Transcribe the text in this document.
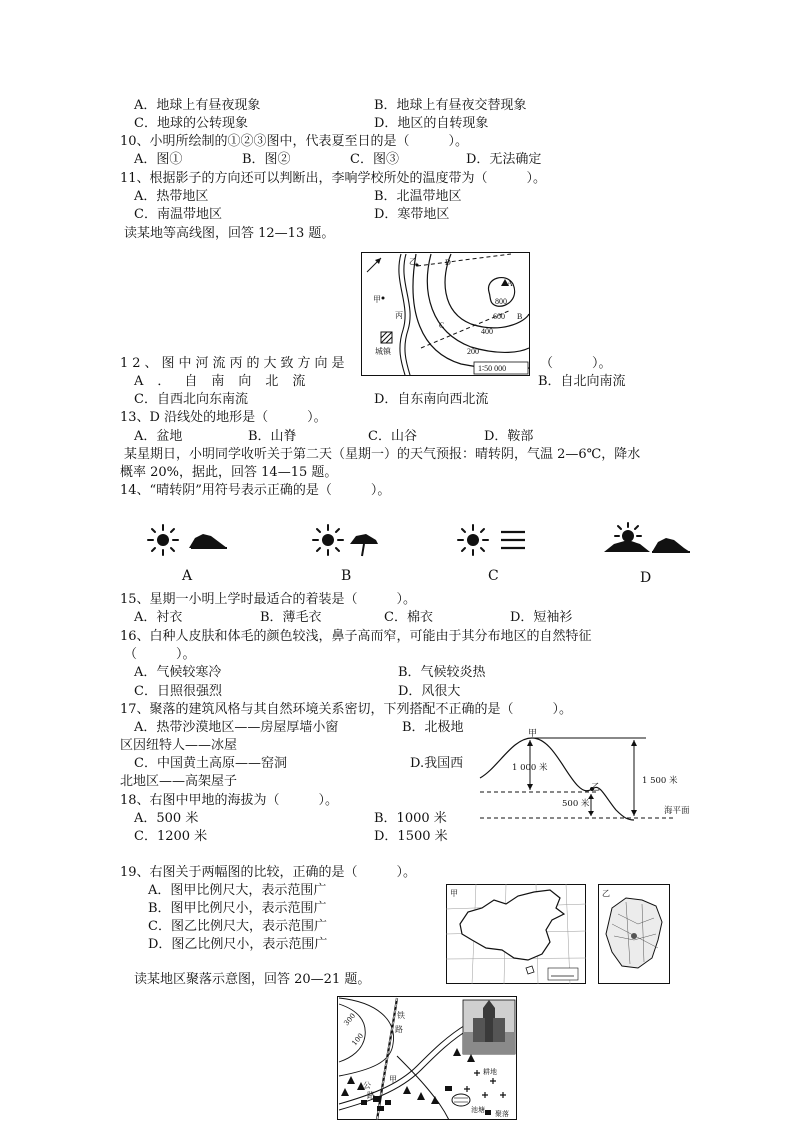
A．地球上有昼夜现象	B．地球上有昼夜交替现象
C．地球的公转现象	D．地区的自转现象
10、小明所绘制的①②③图中，代表夏至日的是（　　　）。
A．图①	B．图②	C．图③	D．无法确定
11、根据影子的方向还可以判断出，李响学校所处的温度带为（　　　）。
A．热带地区	B．北温带地区
C．南温带地区	D．寒带地区
读某地等高线图，回答 12—13 题。
乙	D
A
800
600 B
400
C
200
甲
丙
城镇
1∶50 000
12、图中河流丙的大致方向是	（　　　）。
A．自南向北流	B．自北向南流
C．自西北向东南流	D．自东南向西北流
13、D 沿线处的地形是（　　　）。
A．盆地	B．山脊	C．山谷	D．鞍部
某星期日，小明同学收听关于第二天（星期一）的天气预报：晴转阴，气温 2—6℃，降水
概率 20%，据此，回答 14—15 题。
14、“晴转阴”用符号表示正确的是（　　　）。
A	B	C	D
15、星期一小明上学时最适合的着装是（　　　）。
A．衬衣	B．薄毛衣	C．棉衣	D．短袖衫
16、白种人皮肤和体毛的颜色较浅，鼻子高而窄，可能由于其分布地区的自然特征
（　　　）。
A．气候较寒冷	B．气候较炎热
C．日照很强烈	D．风很大
17、聚落的建筑风格与其自然环境关系密切，下列搭配不正确的是（　　　）。
A．热带沙漠地区——房屋厚墙小窗	B．北极地
区因纽特人——冰屋
C．中国黄土高原——窑洞	D.我国西
北地区——高架屋子
甲
乙
1 000 米
1 500 米
500 米
海平面
18、右图中甲地的海拔为（　　　）。
A．500 米	B．1000 米
C．1200 米	D．1500 米
19、右图关于两幅图的比较，正确的是（　　　）。
A．图甲比例尺大，表示范围广
B．图甲比例尺小，表示范围广
C．图乙比例尺大，表示范围广
D．图乙比例尺小，表示范围广
甲	乙
读某地区聚落示意图，回答 20—21 题。
300
100
铁
路
公
路
甲
耕地
池塘 聚落
